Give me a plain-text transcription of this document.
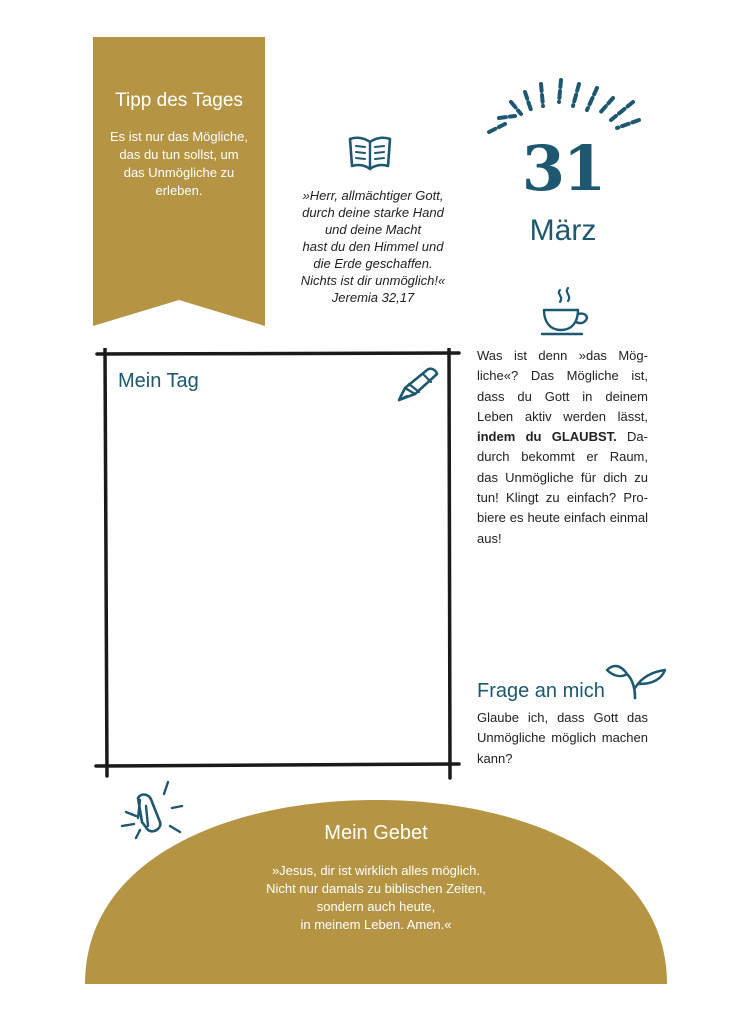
Tipp des Tages
Es ist nur das Mögliche, das du tun sollst, um das Unmögliche zu erleben.	»Herr, allmächtiger Gott,
durch deine starke Hand
und deine Macht
hast du den Himmel und
die Erde geschaffen.
Nichts ist dir unmöglich!«
Jeremia 32,17
31
März
Mein Tag
Was ist denn »das Mögliche«? Das Mögliche ist, dass du Gott in deinem Leben aktiv werden lässt, indem du GLAUBST. Dadurch bekommt er Raum, das Unmögliche für dich zu tun! Klingt zu einfach? Probiere es heute einfach einmal aus!
Frage an mich
Glaube ich, dass Gott das Unmögliche möglich machen kann?
Mein Gebet
»Jesus, dir ist wirklich alles möglich.
Nicht nur damals zu biblischen Zeiten,
sondern auch heute,
in meinem Leben. Amen.«
